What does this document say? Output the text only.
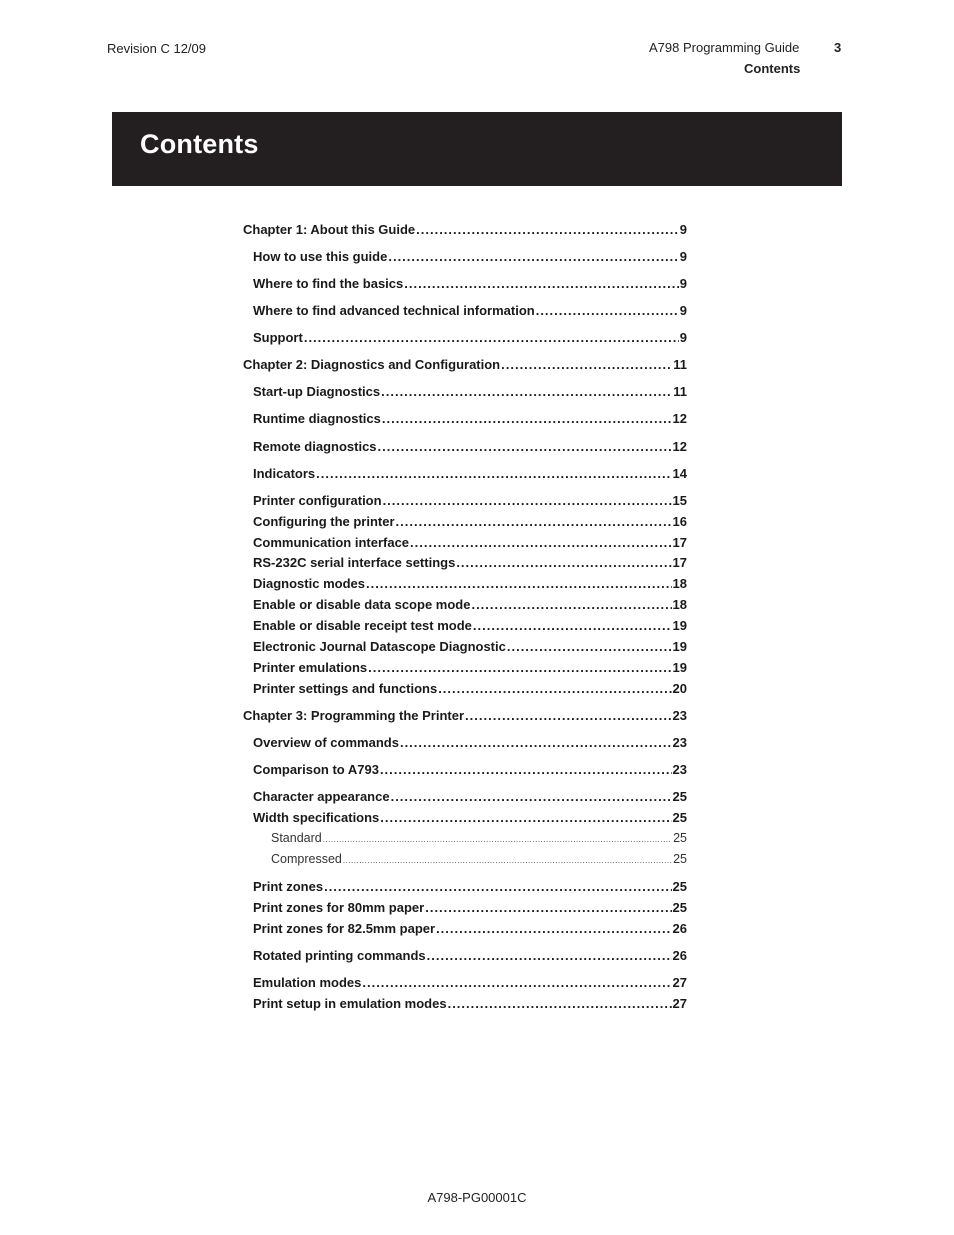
Revision C 12/09	A798 Programming Guide	3
Contents
Contents
Chapter 1: About this Guide .....	9
How to use this guide .....	9
Where to find the basics .....	9
Where to find advanced technical information .....	9
Support .....	9
Chapter 2: Diagnostics and Configuration .....	11
Start-up Diagnostics .....	11
Runtime diagnostics .....	12
Remote diagnostics .....	12
Indicators .....	14
Printer configuration .....	15
Configuring the printer .....	16
Communication interface .....	17
RS-232C serial interface settings .....	17
Diagnostic modes .....	18
Enable or disable data scope mode .....	18
Enable or disable receipt test mode .....	19
Electronic Journal Datascope Diagnostic .....	19
Printer emulations .....	19
Printer settings and functions .....	20
Chapter 3: Programming the Printer .....	23
Overview of commands .....	23
Comparison to A793 .....	23
Character appearance .....	25
Width specifications .....	25
Standard .....	25
Compressed .....	25
Print zones .....	25
Print zones for 80mm paper .....	25
Print zones for 82.5mm paper .....	26
Rotated printing commands .....	26
Emulation modes .....	27
Print setup in emulation modes .....	27
A798-PG00001C
